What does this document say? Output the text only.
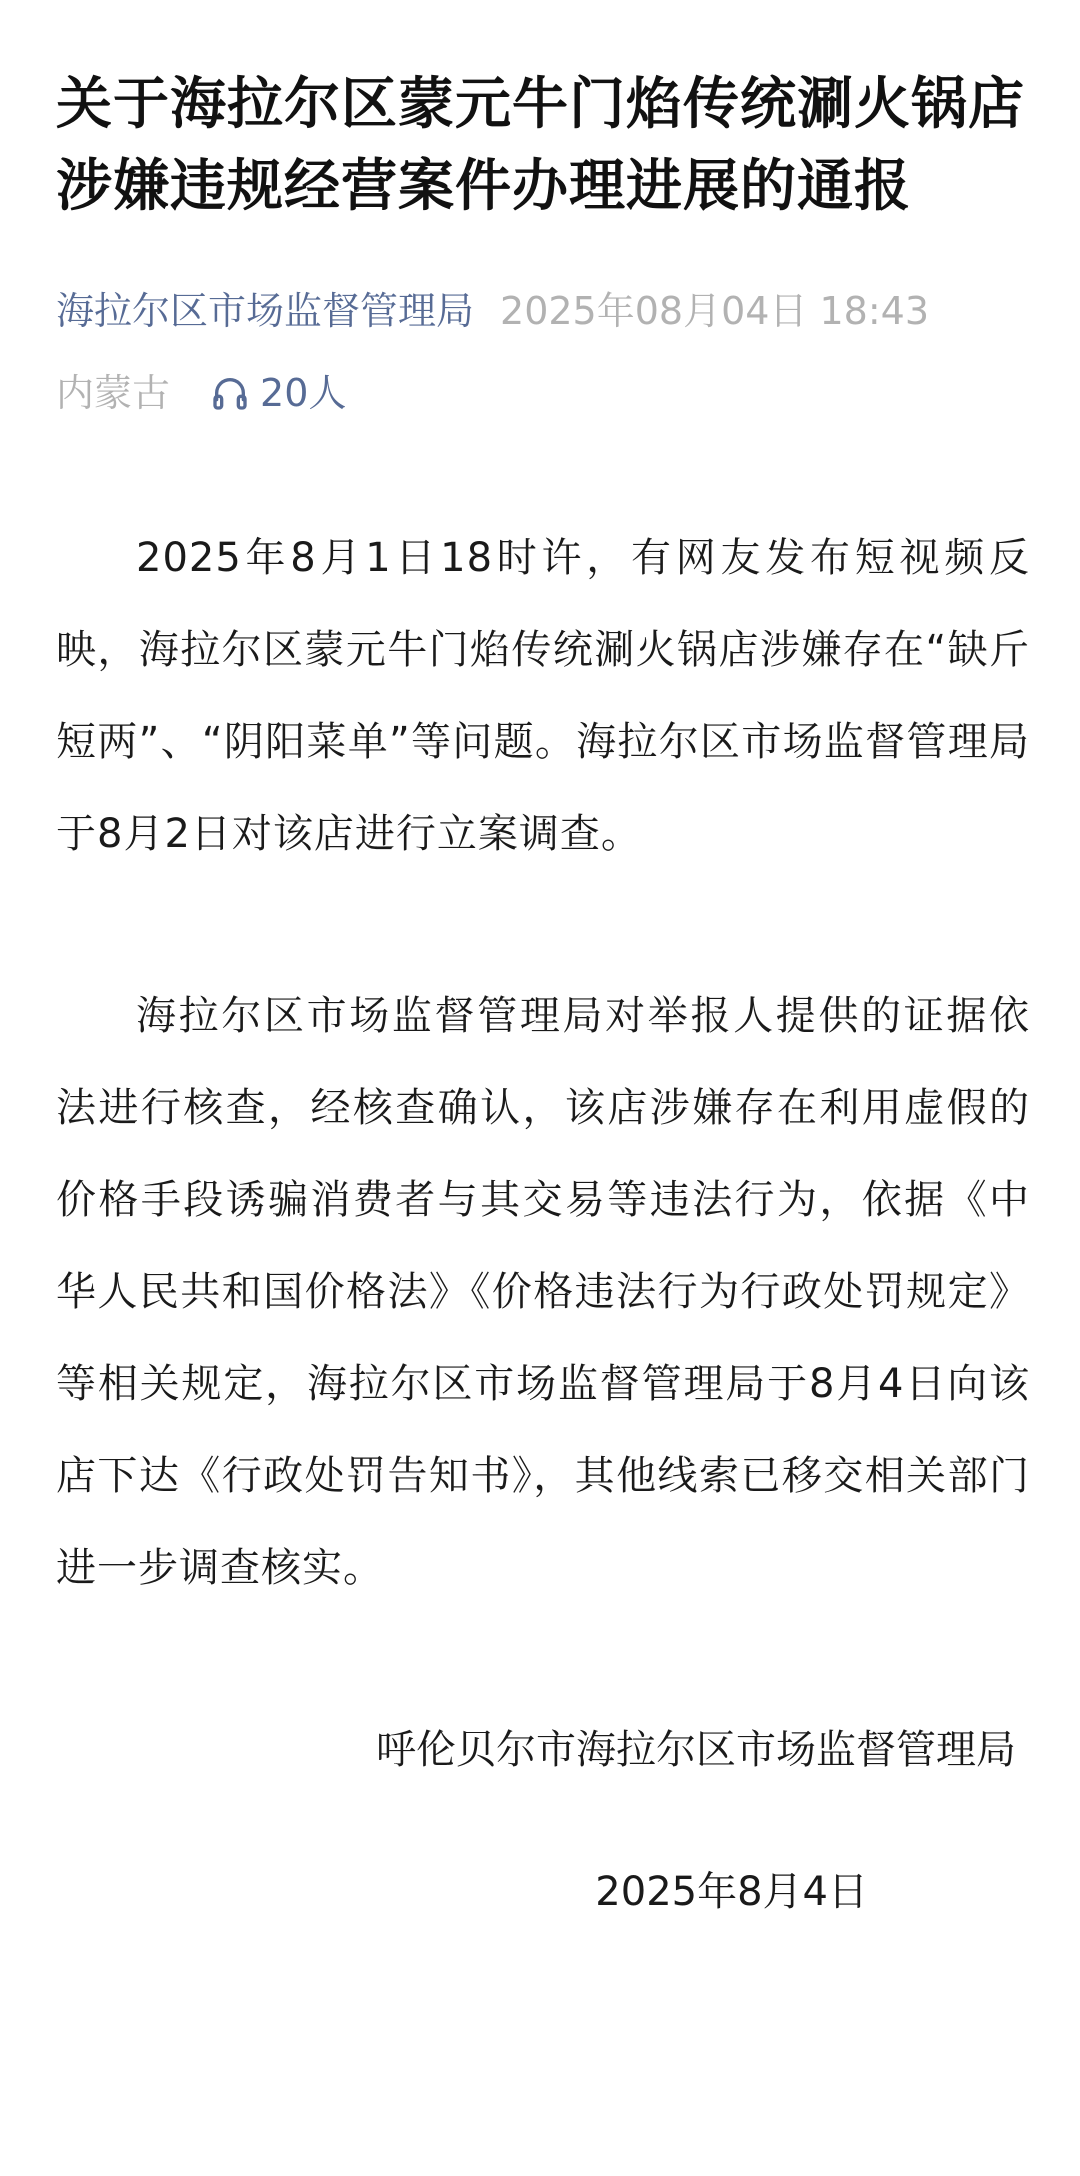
关于海拉尔区蒙元牛门焰传统涮火锅店涉嫌违规经营案件办理进展的通报
海拉尔区市场监督管理局 2025年08月04日 18:43
内蒙古 20人

2025年8月1日18时许，有网友发布短视频反映，海拉尔区蒙元牛门焰传统涮火锅店涉嫌存在“缺斤短两”、“阴阳菜单”等问题。海拉尔区市场监督管理局于8月2日对该店进行立案调查。

海拉尔区市场监督管理局对举报人提供的证据依法进行核查，经核查确认，该店涉嫌存在利用虚假的价格手段诱骗消费者与其交易等违法行为，依据《中华人民共和国价格法》《价格违法行为行政处罚规定》等相关规定，海拉尔区市场监督管理局于8月4日向该店下达《行政处罚告知书》，其他线索已移交相关部门进一步调查核实。

呼伦贝尔市海拉尔区市场监督管理局
2025年8月4日
